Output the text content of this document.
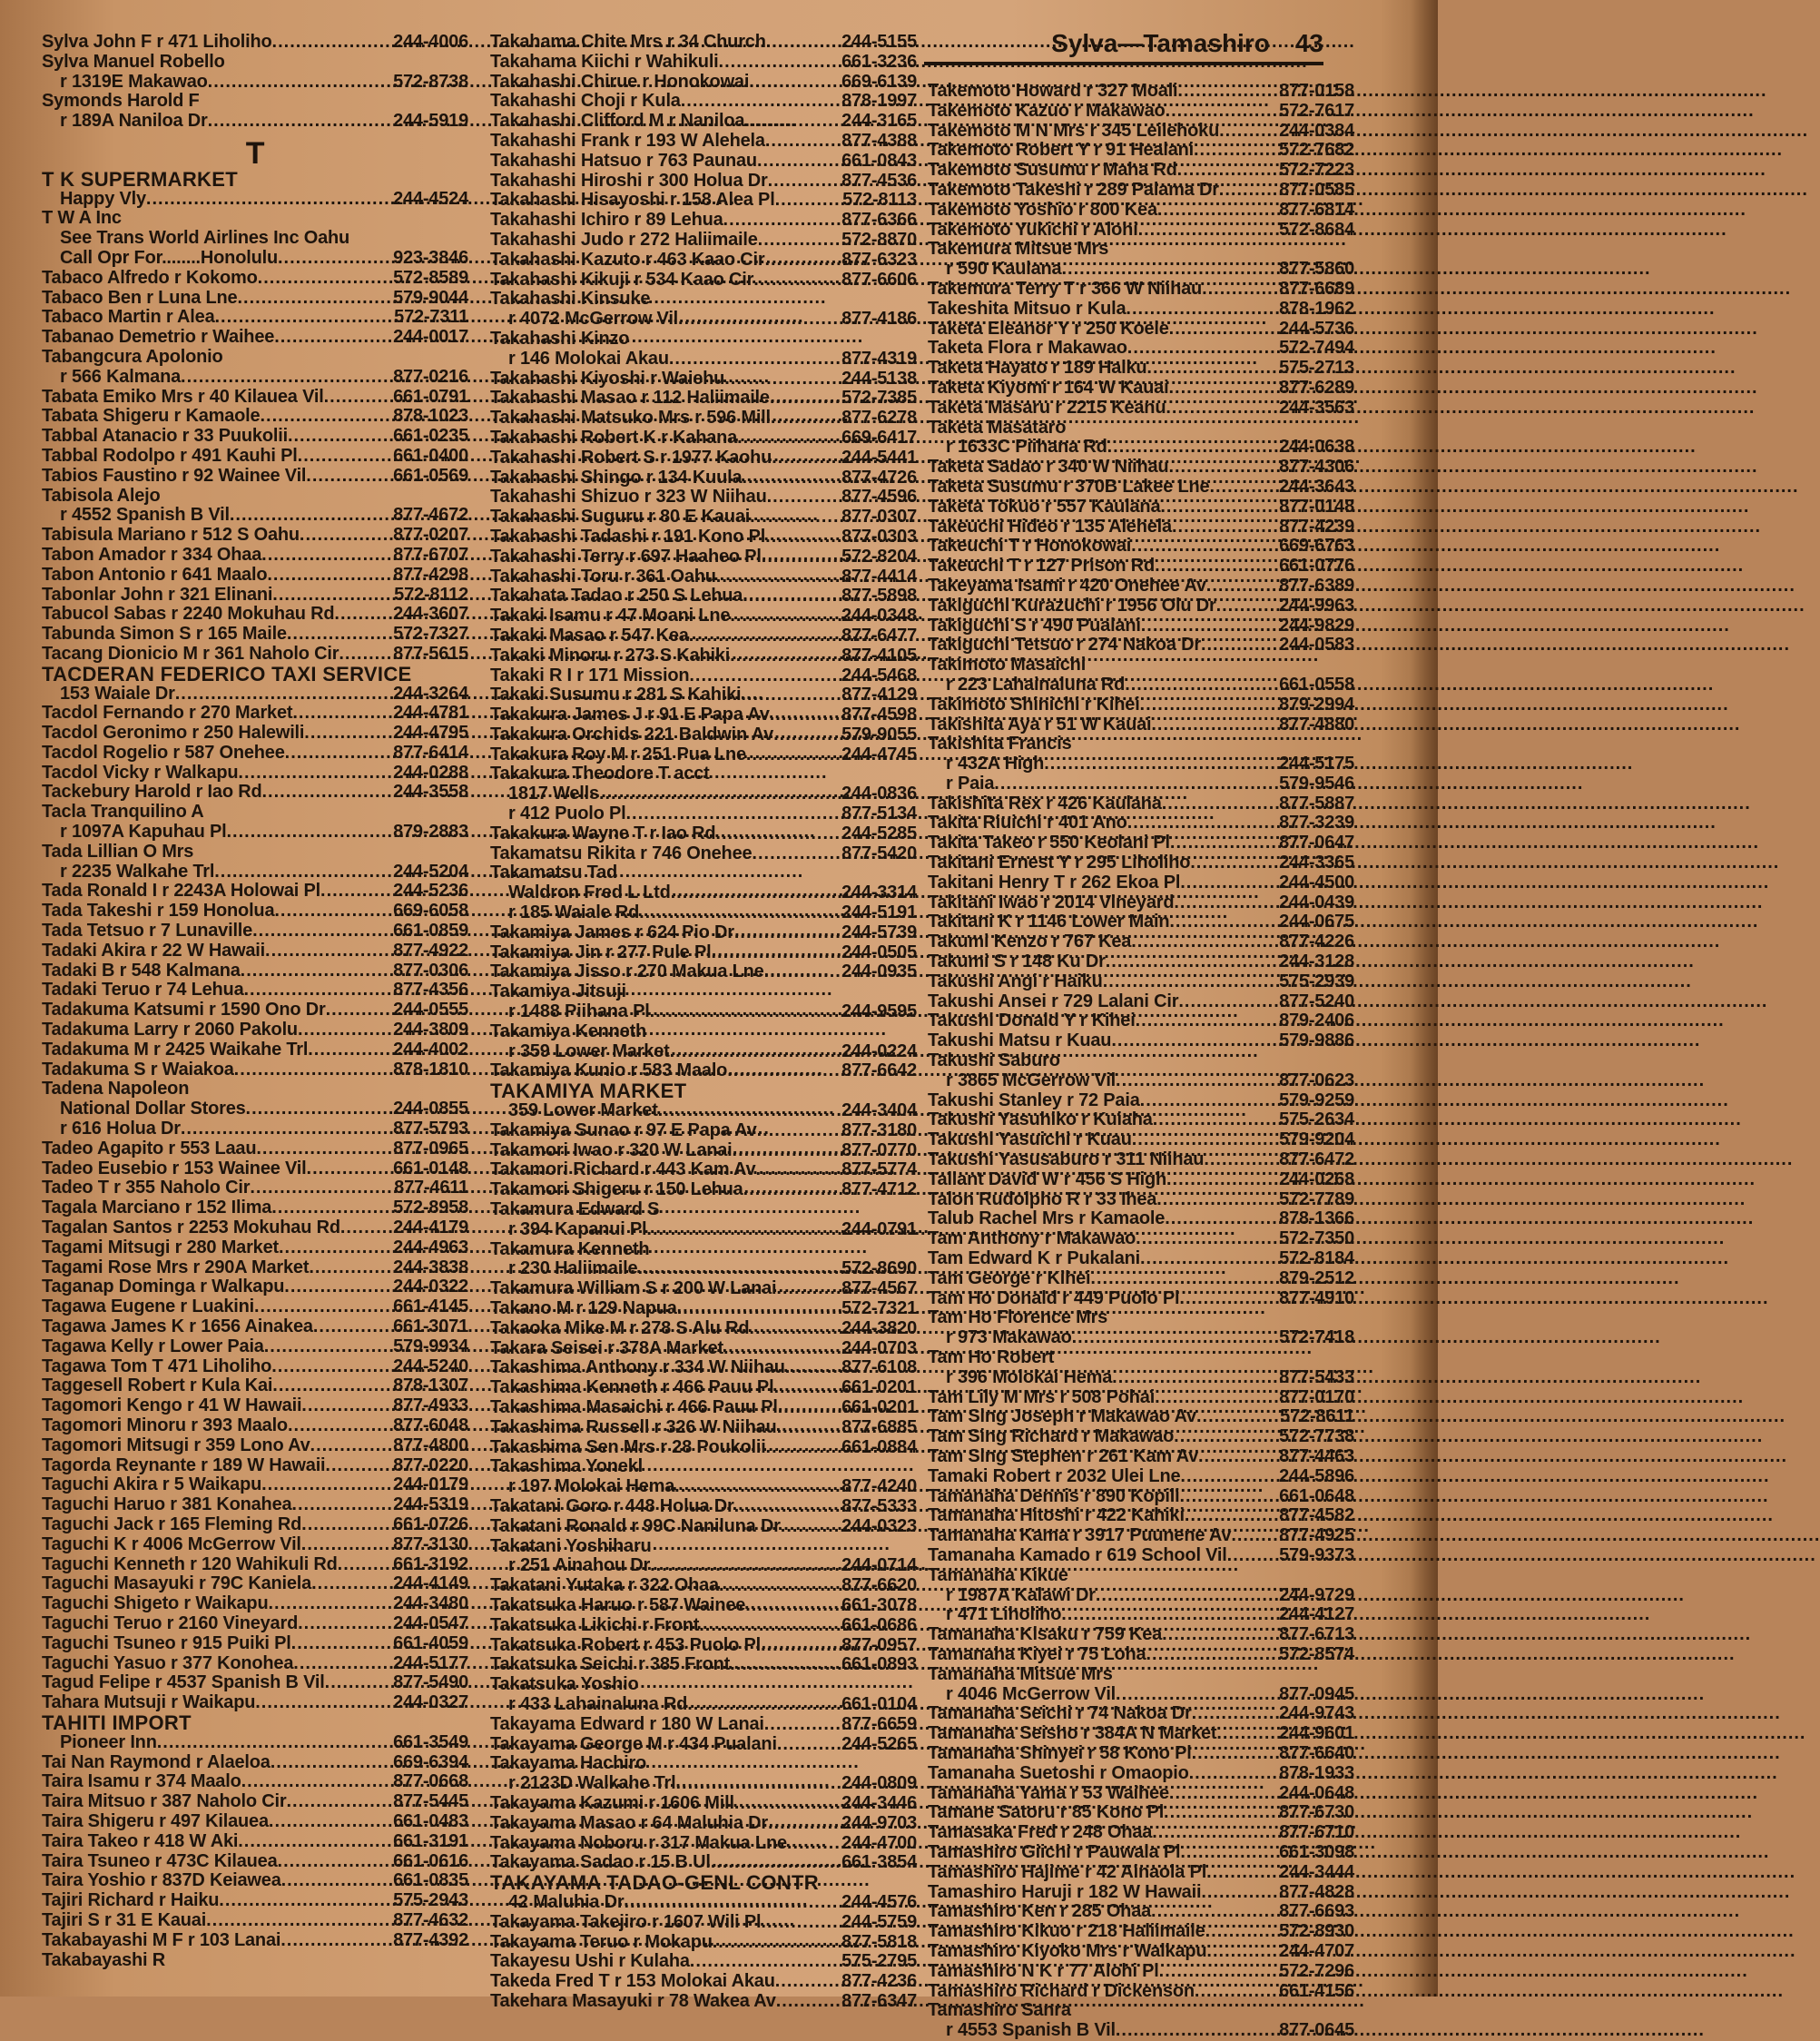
Sylva—Tamashiro 43
Sylva John F r 471 Liholiho .....	244-4006
Sylva Manuel Robello
r 1319E Makawao .....	572-8738
Symonds Harold F
r 189A Naniloa Dr .....	244-5919
T
T K SUPERMARKET
Happy Vly .....	244-4524
T W A Inc
See Trans World Airlines Inc Oahu
Call Opr For........Honolulu .....	923-3846
Tabaco Alfredo r Kokomo .....	572-8589
Tabaco Ben r Luna Lne .....	579-9044
Tabaco Martin r Alea .....	572-7311
Tabanao Demetrio r Waihee .....	244-0017
Tabangcura Apolonio
r 566 Kalmana .....	877-0216
Tabata Emiko Mrs r 40 Kilauea Vil .....	661-0791
Tabata Shigeru r Kamaole .....	878-1023
Tabbal Atanacio r 33 Puukolii .....	661-0235
Tabbal Rodolpo r 491 Kauhi Pl .....	661-0400
Tabios Faustino r 92 Wainee Vil .....	661-0569
Tabisola Alejo
r 4552 Spanish B Vil .....	877-4672
Tabisula Mariano r 512 S Oahu .....	877-0207
Tabon Amador r 334 Ohaa .....	877-6707
Tabon Antonio r 641 Maalo .....	877-4298
Tabonlar John r 321 Elinani .....	572-8112
Tabucol Sabas r 2240 Mokuhau Rd .....	244-3607
Tabunda Simon S r 165 Maile .....	572-7327
Tacang Dionicio M r 361 Naholo Cir .....	877-5615
TACDERAN FEDERICO TAXI SERVICE
153 Waiale Dr .....	244-3264
Tacdol Fernando r 270 Market .....	244-4781
Tacdol Geronimo r 250 Halewili .....	244-4795
Tacdol Rogelio r 587 Onehee .....	877-6414
Tacdol Vicky r Walkapu .....	244-0288
Tackebury Harold r Iao Rd .....	244-3558
Tacla Tranquilino A
r 1097A Kapuhau Pl .....	879-2883
Tada Lillian O Mrs
r 2235 Walkahe Trl .....	244-5204
Tada Ronald I r 2243A Holowai Pl .....	244-5236
Tada Takeshi r 159 Honolua .....	669-6058
Tada Tetsuo r 7 Lunaville .....	661-0859
Tadaki Akira r 22 W Hawaii .....	877-4922
Tadaki B r 548 Kalmana .....	877-0306
Tadaki Teruo r 74 Lehua .....	877-4356
Tadakuma Katsumi r 1590 Ono Dr .....	244-0555
Tadakuma Larry r 2060 Pakolu .....	244-3809
Tadakuma M r 2425 Waikahe Trl .....	244-4002
Tadakuma S r Waiakoa .....	878-1810
Tadena Napoleon
National Dollar Stores .....	244-0855
r 616 Holua Dr .....	877-5793
Tadeo Agapito r 553 Laau .....	877-0965
Tadeo Eusebio r 153 Wainee Vil .....	661-0148
Tadeo T r 355 Naholo Cir .....	877-4611
Tagala Marciano r 152 Ilima .....	572-8958
Tagalan Santos r 2253 Mokuhau Rd .....	244-4179
Tagami Mitsugi r 280 Market .....	244-4963
Tagami Rose Mrs r 290A Market .....	244-3838
Taganap Dominga r Walkapu .....	244-0322
Tagawa Eugene r Luakini .....	661-4145
Tagawa James K r 1656 Ainakea .....	661-3071
Tagawa Kelly r Lower Paia .....	579-9934
Tagawa Tom T 471 Liholiho .....	244-5240
Taggesell Robert r Kula Kai .....	878-1307
Tagomori Kengo r 41 W Hawaii .....	877-4933
Tagomori Minoru r 393 Maalo .....	877-6048
Tagomori Mitsugi r 359 Lono Av .....	877-4800
Tagorda Reynante r 189 W Hawaii .....	877-0220
Taguchi Akira r 5 Waikapu .....	244-0179
Taguchi Haruo r 381 Konahea .....	244-5319
Taguchi Jack r 165 Fleming Rd .....	661-0726
Taguchi K r 4006 McGerrow Vil .....	877-3130
Taguchi Kenneth r 120 Wahikuli Rd .....	661-3192
Taguchi Masayuki r 79C Kaniela .....	244-4149
Taguchi Shigeto r Waikapu .....	244-3480
Taguchi Teruo r 2160 Vineyard .....	244-0547
Taguchi Tsuneo r 915 Puiki Pl .....	661-4059
Taguchi Yasuo r 377 Konohea .....	244-5177
Tagud Felipe r 4537 Spanish B Vil .....	877-5490
Tahara Mutsuji r Waikapu .....	244-0327
TAHITI IMPORT
Pioneer Inn .....	661-3549
Tai Nan Raymond r Alaeloa .....	669-6394
Taira Isamu r 374 Maalo .....	877-0668
Taira Mitsuo r 387 Naholo Cir .....	877-5445
Taira Shigeru r 497 Kilauea .....	661-0483
Taira Takeo r 418 W Aki .....	661-3191
Taira Tsuneo r 473C Kilauea .....	661-0616
Taira Yoshio r 837D Keiawea .....	661-0835
Tajiri Richard r Haiku .....	575-2943
Tajiri S r 31 E Kauai .....	877-4632
Takabayashi M F r 103 Lanai .....	877-4392
Takabayashi R
Takahama Chite Mrs r 34 Church .....	244-5155
Takahama Kiichi r Wahikuli .....	661-3236
Takahashi Chirue r Honokowai .....	669-6139
Takahashi Choji r Kula .....	878-1997
Takahashi Clifford M r Naniloa .....	244-3165
Takahashi Frank r 193 W Alehela .....	877-4388
Takahashi Hatsuo r 763 Paunau .....	661-0843
Takahashi Hiroshi r 300 Holua Dr .....	877-4536
Takahashi Hisayoshi r 158 Alea Pl .....	572-8113
Takahashi Ichiro r 89 Lehua .....	877-6366
Takahashi Judo r 272 Haliimaile .....	572-8870
Takahashi Kazuto r 463 Kaao Cir .....	877-6323
Takahashi Kikuji r 534 Kaao Cir .....	877-6606
Takahashi Kinsuke
r 4072 McGerrow Vil .....	877-4186
Takahashi Kinzo
r 146 Molokai Akau .....	877-4319
Takahashi Kiyoshi r Waiehu .....	244-5138
Takahashi Masao r 112 Haliimaile .....	572-7385
Takahashi Matsuko Mrs r 596 Mill .....	877-6278
Takahashi Robert K r Kahana .....	669-6417
Takahashi Robert S r 1977 Kaohu .....	244-5441
Takahashi Shingo r 134 Kuula .....	877-4726
Takahashi Shizuo r 323 W Niihau .....	877-4596
Takahashi Suguru r 80 E Kauai .....	877-0307
Takahashi Tadashi r 191 Kono Pl .....	877-0303
Takahashi Terry r 697 Haaheo Pl .....	572-8204
Takahashi Toru r 361 Oahu .....	877-4414
Takahata Tadao r 250 S Lehua .....	877-5898
Takaki Isamu r 47 Moani Lne .....	244-0348
Takaki Masao r 547 Kea .....	877-6477
Takaki Minoru r 273 S Kahiki .....	877-4105
Takaki R I r 171 Mission .....	244-5468
Takaki Susumu r 281 S Kahiki .....	877-4129
Takakura James J r 91 E Papa Av .....	877-4598
Takakura Orchids 221 Baldwin Av .....	579-9055
Takakura Roy M r 251 Pua Lne .....	244-4745
Takakura Theodore T acct
1817 Wells .....	244-0836
r 412 Puolo Pl .....	877-5134
Takakura Wayne T r Iao Rd .....	244-5285
Takamatsu Rikita r 746 Onehee .....	877-5420
Takamatsu Tad
Waldron Fred L Ltd .....	244-3314
r 185 Waiale Rd .....	244-5191
Takamiya James r 624 Pio Dr .....	244-5739
Takamiya Jin r 277 Pule Pl .....	244-0505
Takamiya Jisso r 270 Makua Lne .....	244-0935
Takamiya Jitsuji
r 1488 Piihana Pl .....	244-9595
Takamiya Kenneth
r 359 Lower Market .....	244-0224
Takamiya Kunio r 583 Maalo .....	877-6642
TAKAMIYA MARKET
359 Lower Market .....	244-3404
Takamiya Sunao r 97 E Papa Av .....	877-3180
Takamori Iwao r 320 W Lanai .....	877-0770
Takamori Richard r 443 Kam Av .....	877-5774
Takamori Shigeru r 150 Lehua .....	877-4712
Takamura Edward S
r 394 Kapanui Pl .....	244-0791
Takamura Kenneth
r 230 Haliimaile .....	572-8690
Takamura William S r 200 W Lanai .....	877-4567
Takano M r 129 Napua .....	572-7321
Takaoka Mike M r 278 S Alu Rd .....	244-3820
Takara Seisei r 378A Market .....	244-0703
Takashima Anthony r 334 W Niihau .....	877-6108
Takashima Kenneth r 466 Pauu Pl .....	661-0201
Takashima Masaichi r 466 Pauu Pl .....	661-0201
Takashima Russell r 326 W Niihau .....	877-6885
Takashima Sen Mrs r 28 Poukolii .....	661-0884
Takashima Yonekl
r 197 Molokai Hema .....	877-4240
Takatani Goro r 448 Holua Dr .....	877-5333
Takatani Ronald r 99C Naniluna Dr .....	244-0323
Takatani Yoshiharu
r 251 Ainahou Dr .....	244-0714
Takatani Yutaka r 322 Ohaa .....	877-6620
Takatsuka Haruo r 587 Wainee .....	661-3078
Takatsuka Likichi r Front .....	661-0686
Takatsuka Robert r 453 Puolo Pl .....	877-0957
Takatsuka Seichi r 385 Front .....	661-0893
Takatsuka Yoshio
r 433 Lahainaluna Rd .....	661-0104
Takayama Edward r 180 W Lanai .....	877-6659
Takayama George M r 434 Pualani .....	244-5265
Takayama Hachiro
r 2123D Walkahe Trl .....	244-0809
Takayama Kazumi r 1606 Mill .....	244-3446
Takayama Masao r 64 Maluhia Dr .....	244-9703
Takayama Noboru r 317 Makua Lne .....	244-4700
Takayama Sadao r 15 B Ul .....	661-3854
TAKAYAMA TADAO-GENL CONTR
42 Maluhia Dr .....	244-4576
Takayama Takejiro r 1607 Wili Pl .....	244-5759
Takayama Teruo r Mokapu .....	877-5818
Takayesu Ushi r Kulaha .....	575-2795
Takeda Fred T r 153 Molokai Akau .....	877-4236
Takehara Masayuki r 78 Wakea Av .....	877-6347
Takemoto Howard r 327 Moali .....	877-0158
Takemoto Kazuo r Makawao .....	572-7617
Takemoto M N Mrs r 345 Leilehoku .....	244-0384
Takemoto Robert Y r 91 Healani .....	572-7682
Takemoto Susumu r Maha Rd .....	572-7223
Takemoto Takeshi r 289 Palama Dr .....	877-0585
Takemoto Yoshio r 800 Kea .....	877-6814
Takemoto Yukichi r Alohi .....	572-8684
Takemura Mitsue Mrs
r 590 Kaulana .....	877-5860
Takemura Terry T r 366 W Niihau .....	877-6689
Takeshita Mitsuo r Kula .....	878-1962
Taketa Eleanor Y r 250 Koele .....	244-5736
Taketa Flora r Makawao .....	572-7494
Taketa Hayato r 189 Haiku .....	575-2713
Taketa Kiyomi r 164 W Kauai .....	877-6289
Taketa Masaru r 2215 Keanu .....	244-3563
Taketa Masataro
r 1633C Piihana Rd .....	244-0638
Taketa Sadao r 340 W Niihau .....	877-4306
Taketa Susumu r 370B Lakee Lne .....	244-3643
Taketa Tokuo r 557 Kaulana .....	877-0148
Takeuchi Hideo r 135 Alehela .....	877-4239
Takeuchi T r Honokowai .....	669-6763
Takeuchi T r 127 Prison Rd .....	661-0776
Takeyama Isami r 420 Onehee Av .....	877-6389
Takiguchi Kurazuchi r 1956 Olu Dr .....	244-9963
Takiguchi S r 490 Pualani .....	244-9829
Takiguchi Tetsuo r 274 Nakoa Dr .....	244-0583
Takimoto Masaichi
r 223 Lahainaluna Rd .....	661-0558
Takimoto Shinichi r Kihei .....	879-2994
Takishita Aya r 51 W Kauai .....	877-4880
Takishita Francis
r 432A High .....	244-5175
r Paia .....	579-9546
Takishita Rex r 426 Kaulana .....	877-5887
Takita Riuichi r 401 Ano .....	877-3239
Takita Takeo r 550 Keolani Pl .....	877-0647
Takitani Ernest Y r 295 Liholiho .....	244-3365
Takitani Henry T r 262 Ekoa Pl .....	244-4500
Takitani Iwao r 2014 Vineyard .....	244-0439
Takitani K r 1146 Lower Main .....	244-0675
Takumi Kenzo r 767 Kea .....	877-4226
Takumi S r 148 Ku Dr .....	244-3128
Takushi Angi r Haiku .....	575-2939
Takushi Ansei r 729 Lalani Cir .....	877-5240
Takushi Donald Y r Kihei .....	879-2406
Takushi Matsu r Kuau .....	579-9886
Takushi Saburo
r 3865 McGerrow Vil .....	877-0623
Takushi Stanley r 72 Paia .....	579-9259
Takushi Yasuhiko r Kuiaha .....	575-2634
Takushi Yasuichi r Kuau .....	579-9204
Takushi Yasusaburo r 311 Niihau .....	877-6472
Tallant David W r 456 S High .....	244-0268
Talon Rudolpho R r 33 Ihea .....	572-7789
Talub Rachel Mrs r Kamaole .....	878-1366
Tam Anthony r Makawao .....	572-7350
Tam Edward K r Pukalani .....	572-8184
Tam George r Kihei .....	879-2512
Tam Ho Donald r 449 Puolo Pl .....	877-4910
Tam Ho Florence Mrs
r 973 Makawao .....	572-7418
Tam Ho Robert
r 396 Molokai Hema .....	877-5433
Tam Lily M Mrs r 508 Pohai .....	877-0170
Tam Sing Joseph r Makawao Av .....	572-8611
Tam Sing Richard r Makawao .....	572-7738
Tam Sing Stephen r 261 Kam Av .....	877-4463
Tamaki Robert r 2032 Ulei Lne .....	244-5896
Tamanaha Dennis r 890 Kopili .....	661-0648
Tamanaha Hitoshi r 422 Kahiki .....	877-4582
Tamanaha Kama r 3917 Puunene Av .....	877-4925
Tamanaha Kamado r 619 School Vil .....	579-9373
Tamanaha Kikue
r 1987A Kalawi Dr .....	244-9729
r 471 Liholiho .....	244-4127
Tamanaha Kisaku r 759 Kea .....	877-6713
Tamanaha Kiyei r 75 Loha .....	572-8574
Tamanaha Mitsue Mrs
r 4046 McGerrow Vil .....	877-0945
Tamanaha Seichi r 74 Nakoa Dr .....	244-9743
Tamanaha Seisho r 384A N Market .....	244-9601
Tamanaha Shinyei r 58 Kono Pl .....	877-6640
Tamanaha Suetoshi r Omaopio .....	878-1933
Tamanaha Yama r 53 Waihee .....	244-0648
Tamane Satoru r 85 Kono Pl .....	877-6730
Tamasaka Fred r 248 Ohaa .....	877-6710
Tamashiro Giichi r Pauwala Pl .....	661-3098
Tamashiro Hajime r 42 Ainaola Pl .....	244-3444
Tamashiro Haruji r 182 W Hawaii .....	877-4828
Tamashiro Ken r 285 Ohaa .....	877-6693
Tamashiro Kikuo r 218 Haliimaile .....	572-8930
Tamashiro Kiyoko Mrs r Walkapu .....	244-4707
Tamashiro N K r 77 Alohi Pl .....	572-7296
Tamashiro Richard r Dickenson .....	661-4156
Tamashiro Sanra
r 4553 Spanish B Vil .....	877-0645
